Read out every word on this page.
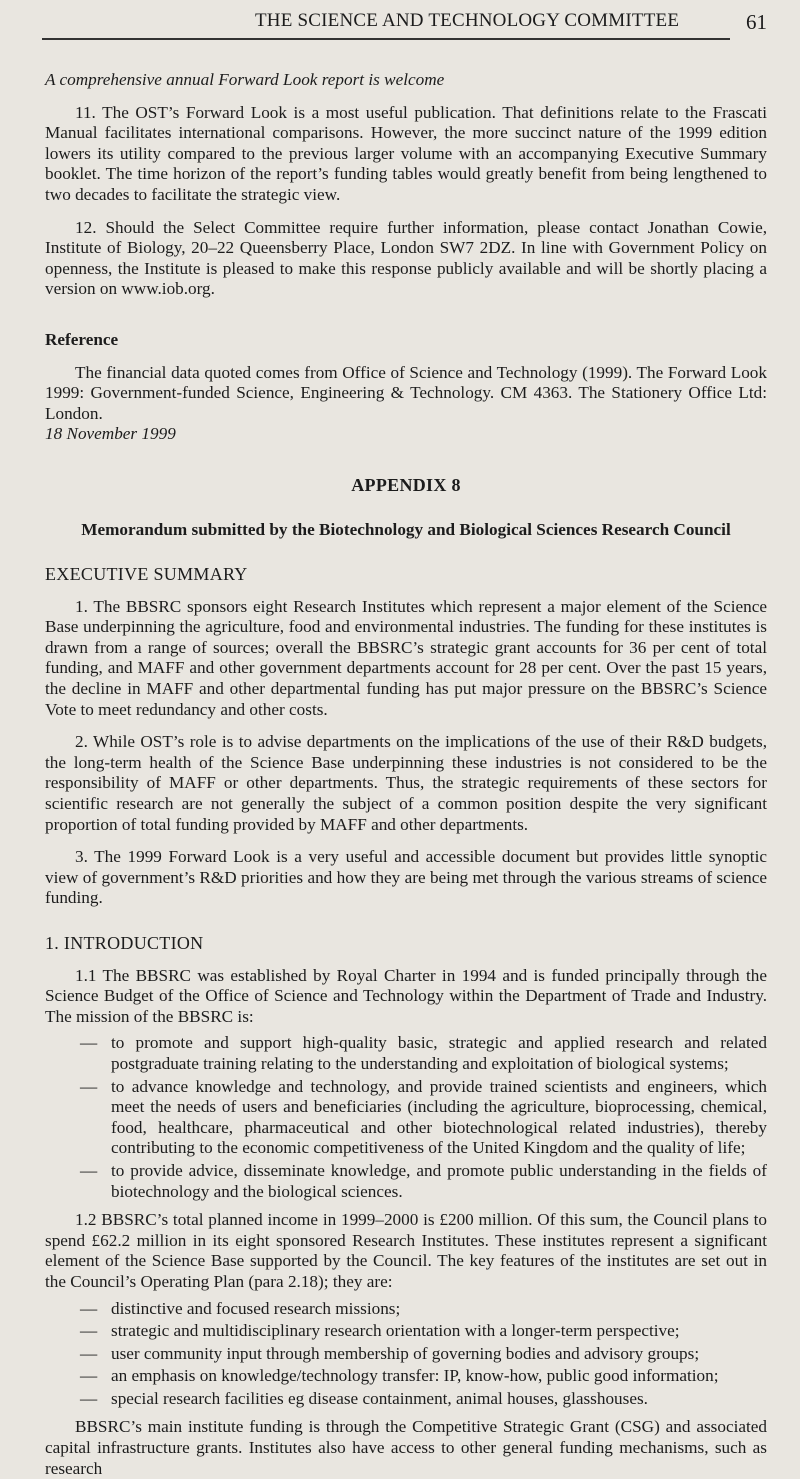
THE SCIENCE AND TECHNOLOGY COMMITTEE	61

A comprehensive annual Forward Look report is welcome

11. The OST’s Forward Look is a most useful publication. That definitions relate to the Frascati Manual facilitates international comparisons. However, the more succinct nature of the 1999 edition lowers its utility compared to the previous larger volume with an accompanying Executive Summary booklet. The time horizon of the report’s funding tables would greatly benefit from being lengthened to two decades to facilitate the strategic view.

12. Should the Select Committee require further information, please contact Jonathan Cowie, Institute of Biology, 20–22 Queensberry Place, London SW7 2DZ. In line with Government Policy on openness, the Institute is pleased to make this response publicly available and will be shortly placing a version on www.iob.org.

Reference

The financial data quoted comes from Office of Science and Technology (1999). The Forward Look 1999: Government-funded Science, Engineering & Technology. CM 4363. The Stationery Office Ltd: London.

18 November 1999

APPENDIX 8

Memorandum submitted by the Biotechnology and Biological Sciences Research Council

EXECUTIVE SUMMARY

1. The BBSRC sponsors eight Research Institutes which represent a major element of the Science Base underpinning the agriculture, food and environmental industries. The funding for these institutes is drawn from a range of sources; overall the BBSRC’s strategic grant accounts for 36 per cent of total funding, and MAFF and other government departments account for 28 per cent. Over the past 15 years, the decline in MAFF and other departmental funding has put major pressure on the BBSRC’s Science Vote to meet redundancy and other costs.

2. While OST’s role is to advise departments on the implications of the use of their R&D budgets, the long-term health of the Science Base underpinning these industries is not considered to be the responsibility of MAFF or other departments. Thus, the strategic requirements of these sectors for scientific research are not generally the subject of a common position despite the very significant proportion of total funding provided by MAFF and other departments.

3. The 1999 Forward Look is a very useful and accessible document but provides little synoptic view of government’s R&D priorities and how they are being met through the various streams of science funding.

1. INTRODUCTION

1.1 The BBSRC was established by Royal Charter in 1994 and is funded principally through the Science Budget of the Office of Science and Technology within the Department of Trade and Industry. The mission of the BBSRC is:

— to promote and support high-quality basic, strategic and applied research and related postgraduate training relating to the understanding and exploitation of biological systems;
— to advance knowledge and technology, and provide trained scientists and engineers, which meet the needs of users and beneficiaries (including the agriculture, bioprocessing, chemical, food, healthcare, pharmaceutical and other biotechnological related industries), thereby contributing to the economic competitiveness of the United Kingdom and the quality of life;
— to provide advice, disseminate knowledge, and promote public understanding in the fields of biotechnology and the biological sciences.

1.2 BBSRC’s total planned income in 1999–2000 is £200 million. Of this sum, the Council plans to spend £62.2 million in its eight sponsored Research Institutes. These institutes represent a significant element of the Science Base supported by the Council. The key features of the institutes are set out in the Council’s Operating Plan (para 2.18); they are:

— distinctive and focused research missions;
— strategic and multidisciplinary research orientation with a longer-term perspective;
— user community input through membership of governing bodies and advisory groups;
— an emphasis on knowledge/technology transfer: IP, know-how, public good information;
— special research facilities eg disease containment, animal houses, glasshouses.

BBSRC’s main institute funding is through the Competitive Strategic Grant (CSG) and associated capital infrastructure grants. Institutes also have access to other general funding mechanisms, such as research
